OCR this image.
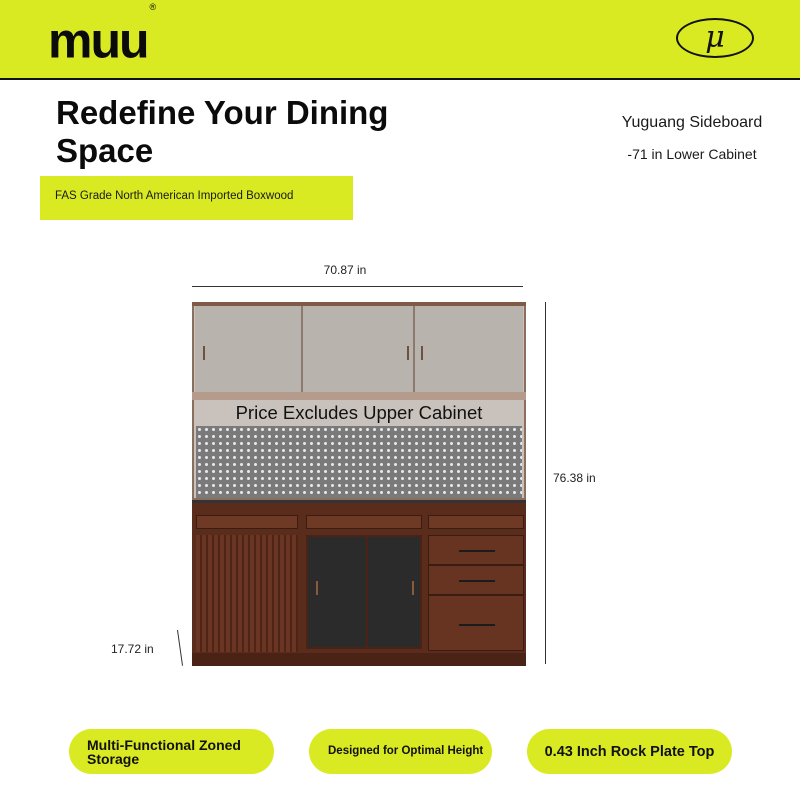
muu®
μ
Redefine Your Dining Space
FAS Grade North American Imported Boxwood
Yuguang Sideboard
-71 in Lower Cabinet
70.87 in
76.38 in
17.72 in
Price Excludes Upper Cabinet
Multi-Functional Zoned Storage	Designed for Optimal Height	0.43 Inch Rock Plate Top
